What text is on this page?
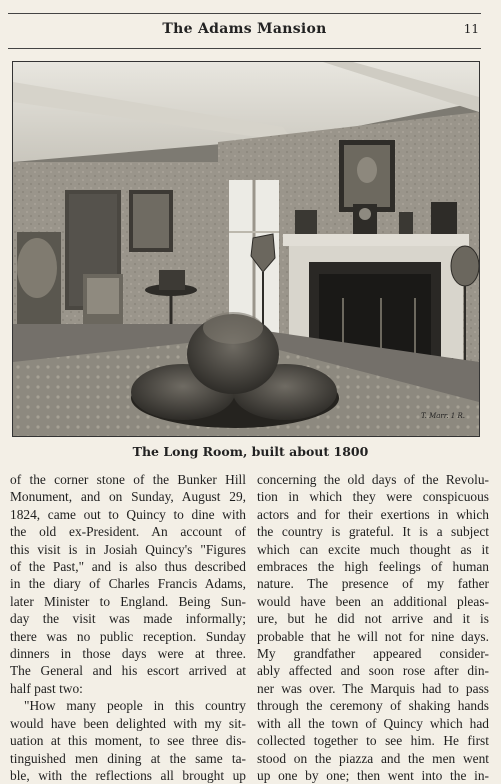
The Adams Mansion	11
T. Marr. 1 R.
The Long Room, built about 1800
of the corner stone of the Bunker Hill
Monument, and on Sunday, August 29,
1824, came out to Quincy to dine with
the old ex-President. An account of
this visit is in Josiah Quincy's "Figures
of the Past," and is also thus described
in the diary of Charles Francis Adams,
later Minister to England. Being Sun-
day the visit was made informally;
there was no public reception. Sunday
dinners in those days were at three.
The General and his escort arrived at
half past two:
"How many people in this country
would have been delighted with my sit-
uation at this moment, to see three dis-
tinguished men dining at the same ta-
ble, with the reflections all brought up
concerning the old days of the Revolu-
tion in which they were conspicuous
actors and for their exertions in which
the country is grateful. It is a subject
which can excite much thought as it
embraces the high feelings of human
nature. The presence of my father
would have been an additional pleas-
ure, but he did not arrive and it is
probable that he will not for nine days.
My grandfather appeared consider-
ably affected and soon rose after din-
ner was over. The Marquis had to pass
through the ceremony of shaking hands
with all the town of Quincy which had
collected together to see him. He first
stood on the piazza and the men went
up one by one; then went into the in-
